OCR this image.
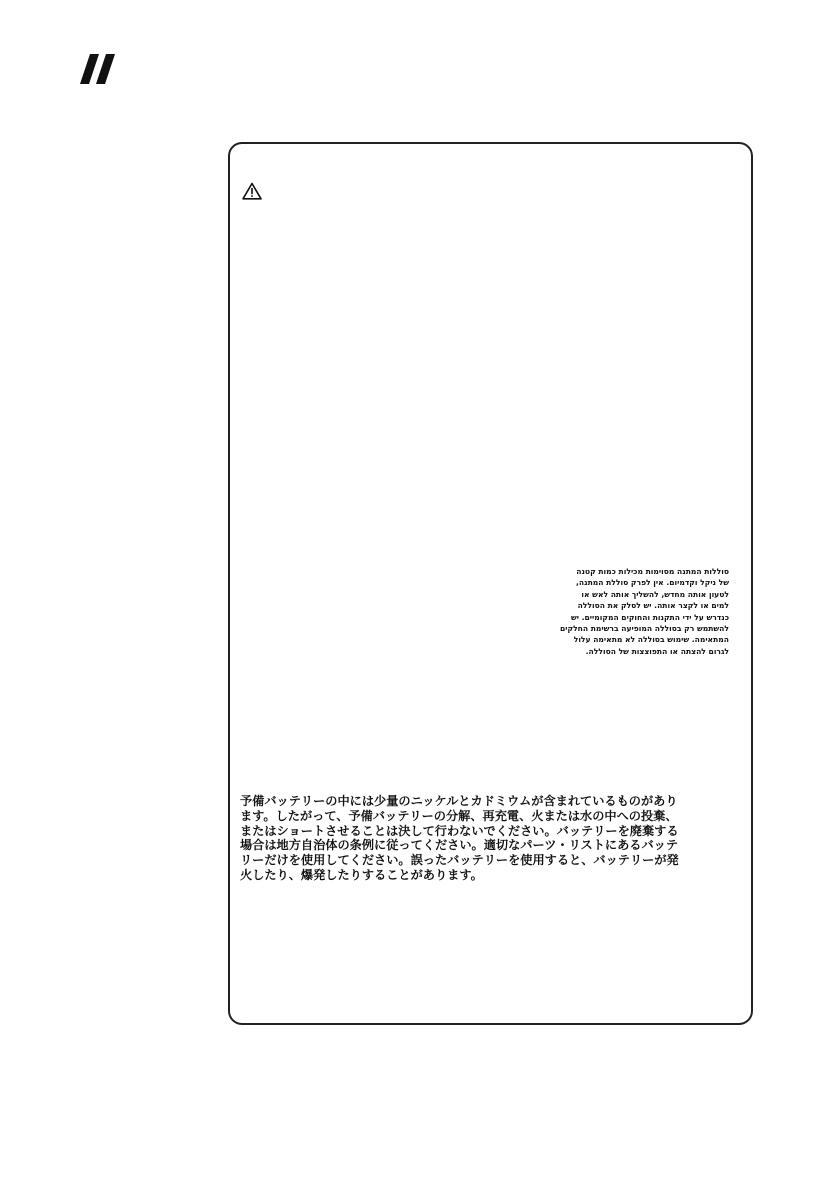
סוללות המתנה מסוימות מכילות כמות קטנה
של ניקל וקדמיום. אין לפרק סוללת המתנה,
לטעון אותה מחדש, להשליך אותה לאש או
למים או לקצר אותה. יש לסלק את הסוללה
כנדרש על ידי התקנות והחוקים המקומיים. יש
להשתמש רק בסוללה המופיעה ברשימת החלקים
המתאימה. שימוש בסוללה לא מתאימה עלול
לגרום להצתה או התפוצצות של הסוללה.
予備バッテリーの中には少量のニッケルとカドミウムが含まれているものがあり
ます。したがって、予備バッテリーの分解、再充電、火または水の中への投棄、
またはショートさせることは決して行わないでください。バッテリーを廃棄する
場合は地方自治体の条例に従ってください。適切なパーツ・リストにあるバッテ
リーだけを使用してください。誤ったバッテリーを使用すると、バッテリーが発
火したり、爆発したりすることがあります。
